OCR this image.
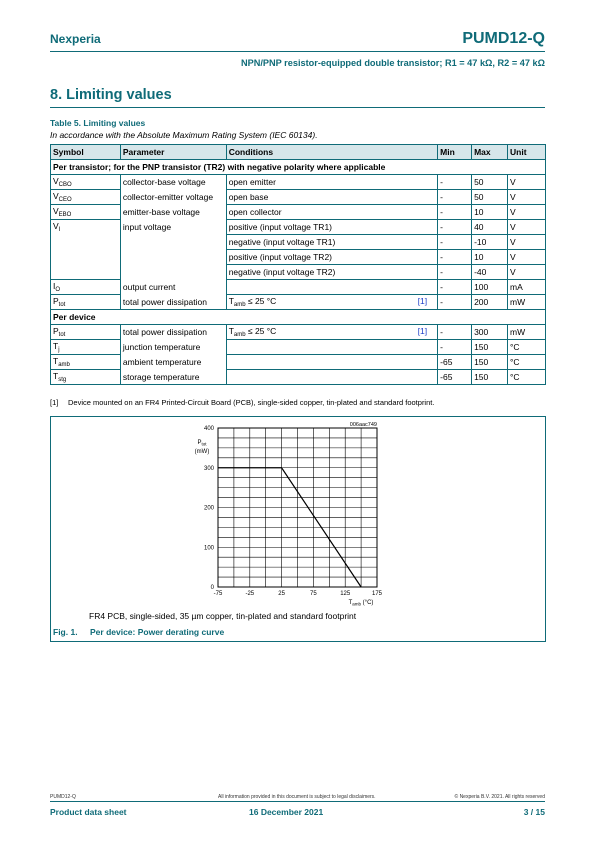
Nexperia	PUMD12-Q
NPN/PNP resistor-equipped double transistor; R1 = 47 kΩ, R2 = 47 kΩ
8. Limiting values
Table 5. Limiting values
In accordance with the Absolute Maximum Rating System (IEC 60134).
Symbol	Parameter	Conditions	Min	Max	Unit
Per transistor; for the PNP transistor (TR2) with negative polarity where applicable					
$V_{CBO}$	collector-base voltage	open emitter	-	50	V
$V_{CEO}$	collector-emitter voltage	open base	-	50	V
$V_{EBO}$	emitter-base voltage	open collector	-	10	V
$V_I$	input voltage	positive (input voltage TR1)	-	40	V
		negative (input voltage TR1)	-	-10	V
		positive (input voltage TR2)	-	10	V
		negative (input voltage TR2)	-	-40	V
$I_O$	output current		-	100	mA
$P_{tot}$	total power dissipation	$T_{amb} \le 25$ °C [1]	-	200	mW
Per device					
$P_{tot}$	total power dissipation	$T_{amb} \le 25$ °C [1]	-	300	mW
$T_j$	junction temperature		-	150	°C
$T_{amb}$	ambient temperature		-65	150	°C
$T_{stg}$	storage temperature		-65	150	°C
[1] Device mounted on an FR4 Printed-Circuit Board (PCB), single-sided copper, tin-plated and standard footprint.
0
100
200
300
400
-75	-25	25	75	125	175
006aac749
$P_{tot}$
(mW)
$T_{amb}$ (°C)
FR4 PCB, single-sided, 35 µm copper, tin-plated and standard footprint
Fig. 1. Per device: Power derating curve
PUMD12-Q	All information provided in this document is subject to legal disclaimers.	© Nexperia B.V. 2021. All rights reserved
Product data sheet	16 December 2021	3 / 15
